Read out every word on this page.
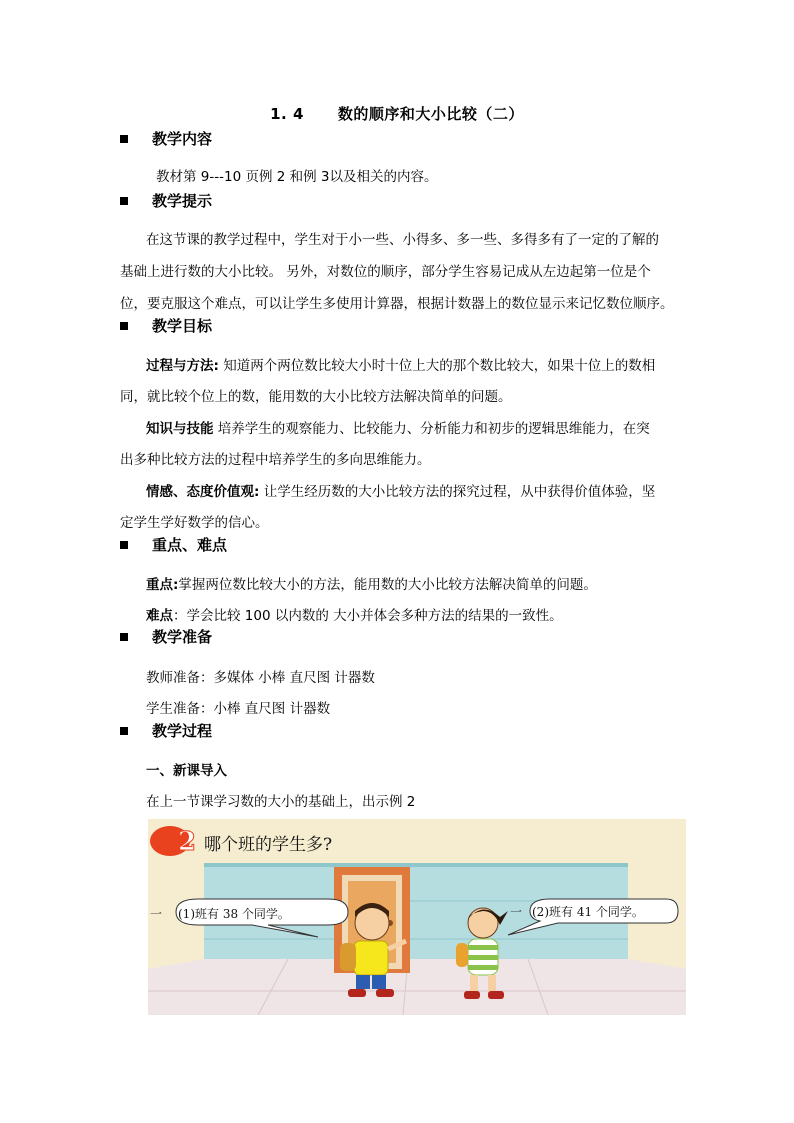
1. 4 数的顺序和大小比较（二）
教学内容
教材第 9---10 页例 2 和例 3以及相关的内容。
教学提示
在这节课的教学过程中，学生对于小一些、小得多、多一些、多得多有了一定的了解的
基础上进行数的大小比较。 另外，对数位的顺序，部分学生容易记成从左边起第一位是个
位，要克服这个难点，可以让学生多使用计算器，根据计数器上的数位显示来记忆数位顺序。
教学目标
过程与方法: 知道两个两位数比较大小时十位上大的那个数比较大，如果十位上的数相
同，就比较个位上的数，能用数的大小比较方法解决简单的问题。
知识与技能 培养学生的观察能力、比较能力、分析能力和初步的逻辑思维能力，在突
出多种比较方法的过程中培养学生的多向思维能力。
情感、态度价值观: 让学生经历数的大小比较方法的探究过程，从中获得价值体验，坚
定学生学好数学的信心。
重点、难点
重点:掌握两位数比较大小的方法，能用数的大小比较方法解决简单的问题。
难点：学会比较 100 以内数的 大小并体会多种方法的结果的一致性。
教学准备
教师准备：多媒体 小棒 直尺图 计器数
学生准备：小棒 直尺图 计器数
教学过程
一、新课导入
在上一节课学习数的大小的基础上，出示例 2
2 哪个班的学生多?
一 (1)班有 38 个同学。	一 (2)班有 41 个同学。
